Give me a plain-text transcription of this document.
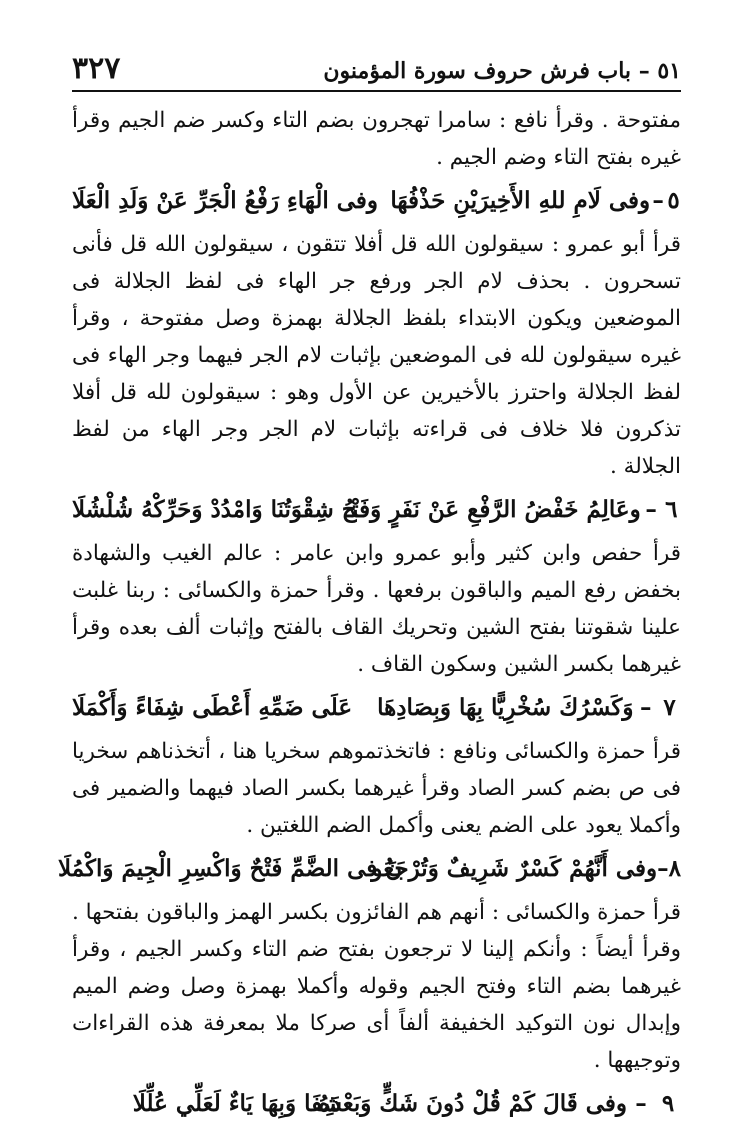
٥١ – باب فرش حروف سورة المؤمنون
٣٢٧

مفتوحة . وقرأ نافع : سامرا تهجرون بضم التاء وكسر ضم الجيم وقرأ غيره بفتح التاء وضم الجيم .

٥
–
وفى لَامِ للهِ الأَخِيرَيْنِ حَذْفُهَا
وفى الْهَاءِ رَفْعُ الْجَرِّ عَنْ وَلَدِ الْعَلَا

قرأ أبو عمرو : سيقولون الله قل أفلا تتقون ، سيقولون الله قل فأنى تسحرون . بحذف لام الجر ورفع جر الهاء فى لفظ الجلالة فى الموضعين ويكون الابتداء بلفظ الجلالة بهمزة وصل مفتوحة ، وقرأ غيره سيقولون لله فى الموضعين بإثبات لام الجر فيهما وجر الهاء فى لفظ الجلالة واحترز بالأخيرين عن الأول وهو : سيقولون لله قل أفلا تذكرون فلا خلاف فى قراءته بإثبات لام الجر وجر الهاء من لفظ الجلالة .

٦
–
وعَالِمُ خَفْضُ الرَّفْعِ عَنْ نَفَرٍ وَفَتْـ
ـحُ شِقْوَتُنَا وَامْدُدْ وَحَرِّكْهُ شُلْشُلَا

قرأ حفص وابن كثير وأبو عمرو وابن عامر : عالم الغيب والشهادة بخفض رفع الميم والباقون برفعها . وقرأ حمزة والكسائى : ربنا غلبت علينا شقوتنا بفتح الشين وتحريك القاف بالفتح وإثبات ألف بعده وقرأ غيرهما بكسر الشين وسكون القاف .

٧
–
وَكَسْرُكَ سُخْرِيًّا بِهَا وَبِصَادِهَا
عَلَى ضَمِّهِ أَعْطَى شِفَاءً وَأَكْمَلَا

قرأ حمزة والكسائى ونافع : فاتخذتموهم سخريا هنا ، أتخذناهم سخريا فى ص بضم كسر الصاد وقرأ غيرهما بكسر الصاد فيهما والضمير فى وأكملا يعود على الضم يعنى وأكمل الضم اللغتين .

٨
–
وفى أَنَّهُمْ كَسْرٌ شَرِيفٌ وَتُرْجَعُو
نَ فى الضَّمِّ فَتْحٌ وَاكْسِرِ الْجِيمَ وَاكْمُلَا

قرأ حمزة والكسائى : أنهم هم الفائزون بكسر الهمز والباقون بفتحها . وقرأ أيضاً : وأنكم إلينا لا ترجعون بفتح ضم التاء وكسر الجيم ، وقرأ غيرهما بضم التاء وفتح الجيم وقوله وأكملا بهمزة وصل وضم الميم وإبدال نون التوكيد الخفيفة ألفاً أى صركا ملا بمعرفة هذه القراءات وتوجيهها .

٩
–
وفى قَالَ كَمْ قُلْ دُونَ شَكٍّ وَبَعْدَهُ
شِفَا وَبِهَا يَاءٌ لَعَلِّي عُلِّلَا
